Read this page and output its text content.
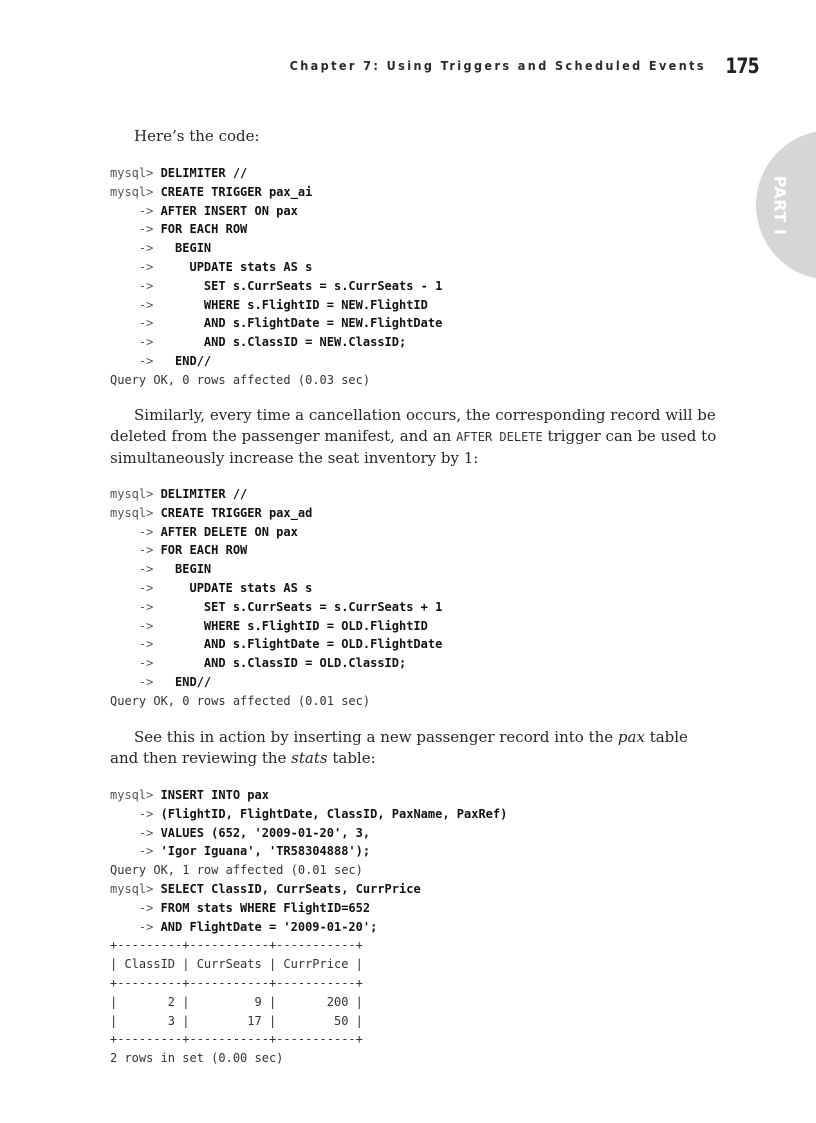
Chapter 7: Using Triggers and Scheduled Events 175
PART I

Here’s the code:

mysql> DELIMITER //
mysql> CREATE TRIGGER pax_ai
-> AFTER INSERT ON pax
-> FOR EACH ROW
->   BEGIN
->     UPDATE stats AS s
->       SET s.CurrSeats = s.CurrSeats - 1
->       WHERE s.FlightID = NEW.FlightID
->       AND s.FlightDate = NEW.FlightDate
->       AND s.ClassID = NEW.ClassID;
->   END//
Query OK, 0 rows affected (0.03 sec)

Similarly, every time a cancellation occurs, the corresponding record will be deleted from the passenger manifest, and an AFTER DELETE trigger can be used to simultaneously increase the seat inventory by 1:

mysql> DELIMITER //
mysql> CREATE TRIGGER pax_ad
-> AFTER DELETE ON pax
-> FOR EACH ROW
->   BEGIN
->     UPDATE stats AS s
->       SET s.CurrSeats = s.CurrSeats + 1
->       WHERE s.FlightID = OLD.FlightID
->       AND s.FlightDate = OLD.FlightDate
->       AND s.ClassID = OLD.ClassID;
->   END//
Query OK, 0 rows affected (0.01 sec)

See this in action by inserting a new passenger record into the pax table and then reviewing the stats table:

mysql> INSERT INTO pax
-> (FlightID, FlightDate, ClassID, PaxName, PaxRef)
-> VALUES (652, '2009-01-20', 3,
-> 'Igor Iguana', 'TR58304888');
Query OK, 1 row affected (0.01 sec)
mysql> SELECT ClassID, CurrSeats, CurrPrice
-> FROM stats WHERE FlightID=652
-> AND FlightDate = '2009-01-20';
+---------+-----------+-----------+
| ClassID | CurrSeats | CurrPrice |
+---------+-----------+-----------+
|       2 |         9 |       200 |
|       3 |        17 |        50 |
+---------+-----------+-----------+
2 rows in set (0.00 sec)
